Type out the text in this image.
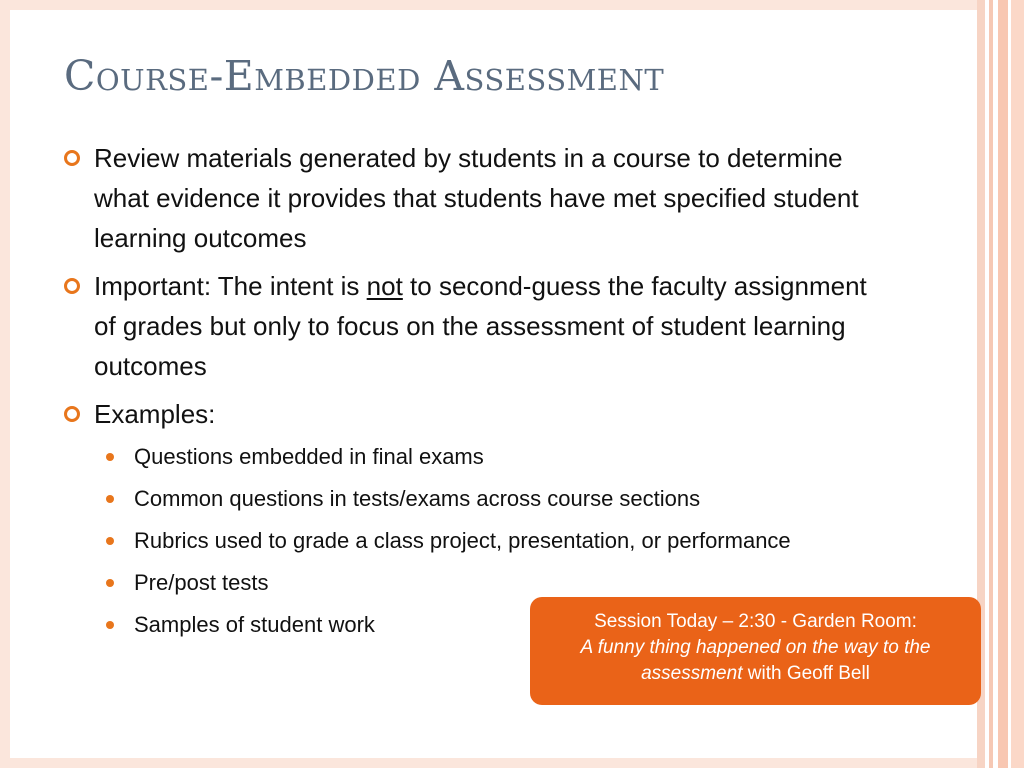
Course-Embedded Assessment
Review materials generated by students in a course to determine what evidence it provides that students have met specified student learning outcomes
Important: The intent is not to second-guess the faculty assignment of grades but only to focus on the assessment of student learning outcomes
Examples:
Questions embedded in final exams
Common questions in tests/exams across course sections
Rubrics used to grade a class project, presentation, or performance
Pre/post tests
Samples of student work	Session Today – 2:30 - Garden Room:
A funny thing happened on the way to the assessment with Geoff Bell
